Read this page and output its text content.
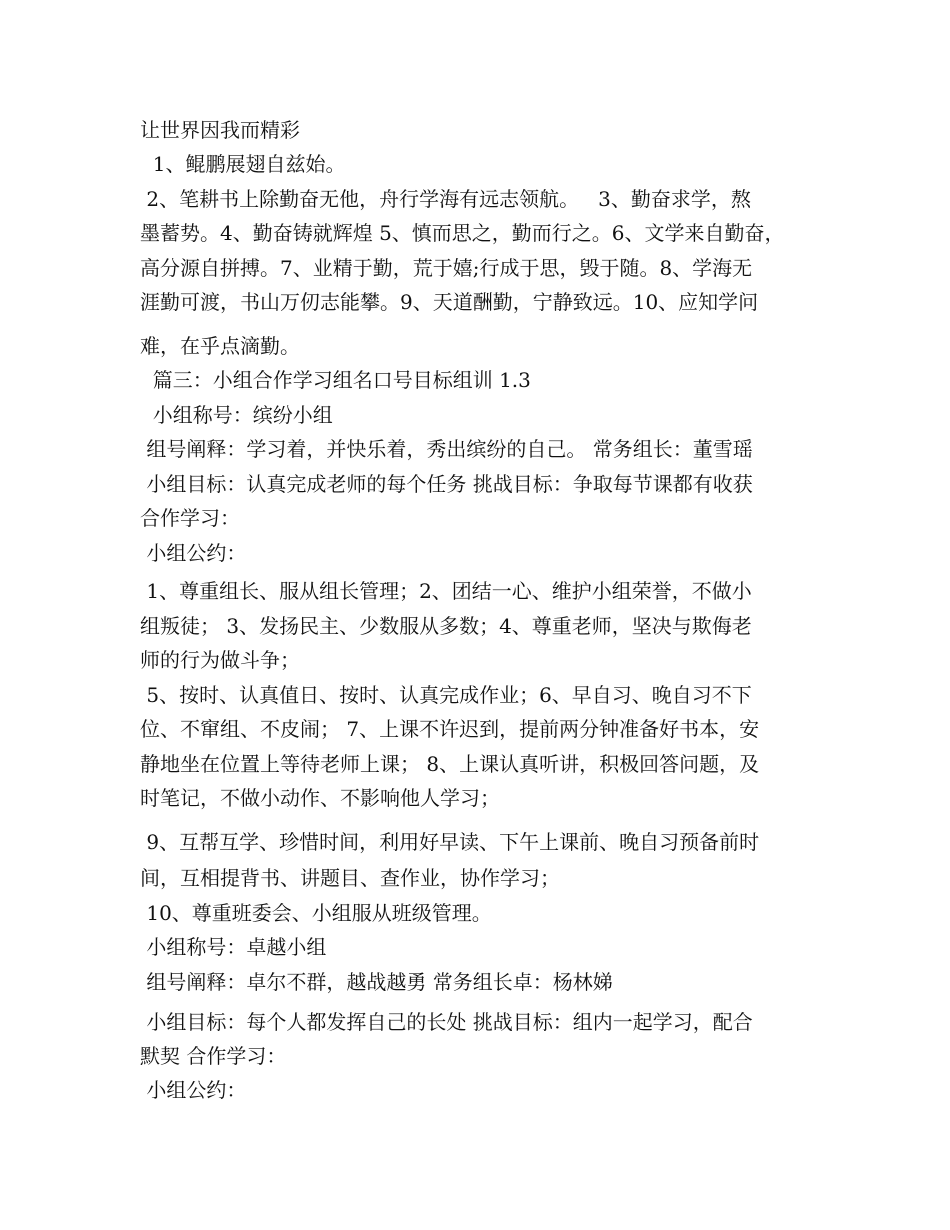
让世界因我而精彩

1、鲲鹏展翅自兹始。

2、笔耕书上除勤奋无他，舟行学海有远志领航。   3、勤奋求学，熬

墨蓄势。4、勤奋铸就辉煌 5、慎而思之，勤而行之。6、文学来自勤奋，

高分源自拼搏。7、业精于勤，荒于嬉;行成于思，毁于随。8、学海无

涯勤可渡，书山万仞志能攀。9、天道酬勤，宁静致远。10、应知学问

难，在乎点滴勤。

篇三：小组合作学习组名口号目标组训 1.3

小组称号：缤纷小组

组号阐释：学习着，并快乐着，秀出缤纷的自己。 常务组长：董雪瑶

小组目标：认真完成老师的每个任务 挑战目标：争取每节课都有收获

合作学习：

小组公约：

1、尊重组长、服从组长管理；2、团结一心、维护小组荣誉，不做小

组叛徒； 3、发扬民主、少数服从多数；4、尊重老师，坚决与欺侮老

师的行为做斗争；

5、按时、认真值日、按时、认真完成作业；6、早自习、晚自习不下

位、不窜组、不皮闹； 7、上课不许迟到，提前两分钟准备好书本，安

静地坐在位置上等待老师上课； 8、上课认真听讲，积极回答问题，及

时笔记，不做小动作、不影响他人学习；

9、互帮互学、珍惜时间，利用好早读、下午上课前、晚自习预备前时

间，互相提背书、讲题目、查作业，协作学习；

10、尊重班委会、小组服从班级管理。

小组称号：卓越小组

组号阐释：卓尔不群，越战越勇 常务组长卓：杨林娣

小组目标：每个人都发挥自己的长处 挑战目标：组内一起学习，配合

默契 合作学习：

小组公约：
